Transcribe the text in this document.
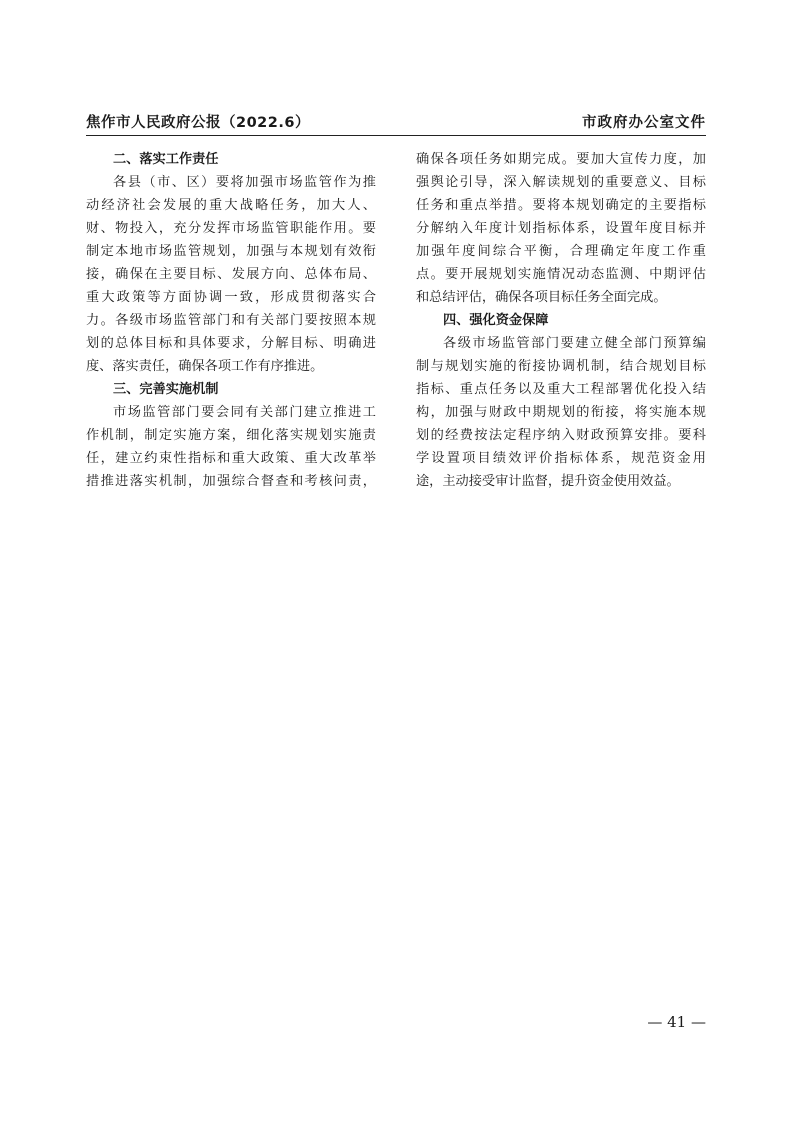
焦作市人民政府公报（2022.6）	市政府办公室文件
二、落实工作责任
各县（市、区）要将加强市场监管作为推
动经济社会发展的重大战略任务，加大人、
财、物投入，充分发挥市场监管职能作用。要
制定本地市场监管规划，加强与本规划有效衔
接，确保在主要目标、发展方向、总体布局、
重大政策等方面协调一致，形成贯彻落实合
力。各级市场监管部门和有关部门要按照本规
划的总体目标和具体要求，分解目标、明确进
度、落实责任，确保各项工作有序推进。
三、完善实施机制
市场监管部门要会同有关部门建立推进工
作机制，制定实施方案，细化落实规划实施责
任，建立约束性指标和重大政策、重大改革举
措推进落实机制，加强综合督查和考核问责，
确保各项任务如期完成。要加大宣传力度，加
强舆论引导，深入解读规划的重要意义、目标
任务和重点举措。要将本规划确定的主要指标
分解纳入年度计划指标体系，设置年度目标并
加强年度间综合平衡，合理确定年度工作重
点。要开展规划实施情况动态监测、中期评估
和总结评估，确保各项目标任务全面完成。
四、强化资金保障
各级市场监管部门要建立健全部门预算编
制与规划实施的衔接协调机制，结合规划目标
指标、重点任务以及重大工程部署优化投入结
构，加强与财政中期规划的衔接，将实施本规
划的经费按法定程序纳入财政预算安排。要科
学设置项目绩效评价指标体系，规范资金用
途，主动接受审计监督，提升资金使用效益。
— 41 —
